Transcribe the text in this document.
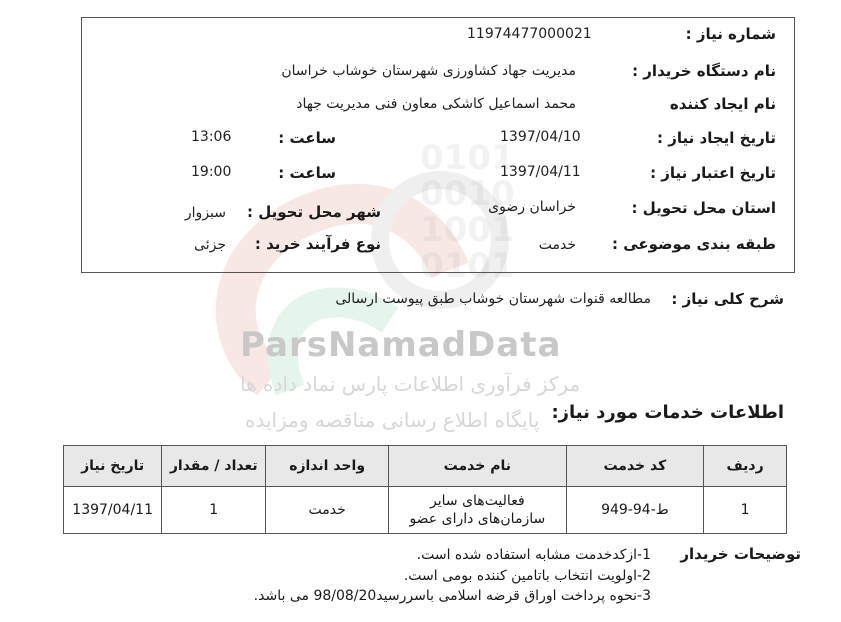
0101 0010 1001 0101
ParsNamadData
مرکز فرآوری اطلاعات پارس نماد داده ها
پایگاه اطلاع رسانی مناقصه ومزایده
شماره نیاز :
11974477000021
نام دستگاه خریدار :
مدیریت جهاد کشاورزی شهرستان خوشاب خراسان
نام ایجاد کننده
محمد اسماعیل کاشکی معاون فنی مدیریت جهاد
تاریخ ایجاد نیاز :
1397/04/10
ساعت :
13:06
تاریخ اعتبار نیاز :
1397/04/11
ساعت :
19:00
استان محل تحویل :
خراسان رضوی
شهر محل تحویل :
سبزوار
طبقه بندی موضوعی :
خدمت
نوع فرآیند خرید :
جزئی
شرح کلی نیاز :
مطالعه قنوات شهرستان خوشاب طبق پیوست ارسالی
اطلاعات خدمات مورد نیاز:
ردیف	کد خدمت	نام خدمت	واحد اندازه	تعداد / مقدار	تاریخ نیاز
1	ط-94-949	فعالیت‌های سایر
سازمان‌های دارای عضو	خدمت	1	1397/04/11
توضیحات خریدار
1-ازکدخدمت مشابه استفاده شده است.
2-اولویت انتخاب باتامین کننده بومی است.
3-نحوه پرداخت اوراق قرضه اسلامی باسررسید98/08/20 می باشد.
